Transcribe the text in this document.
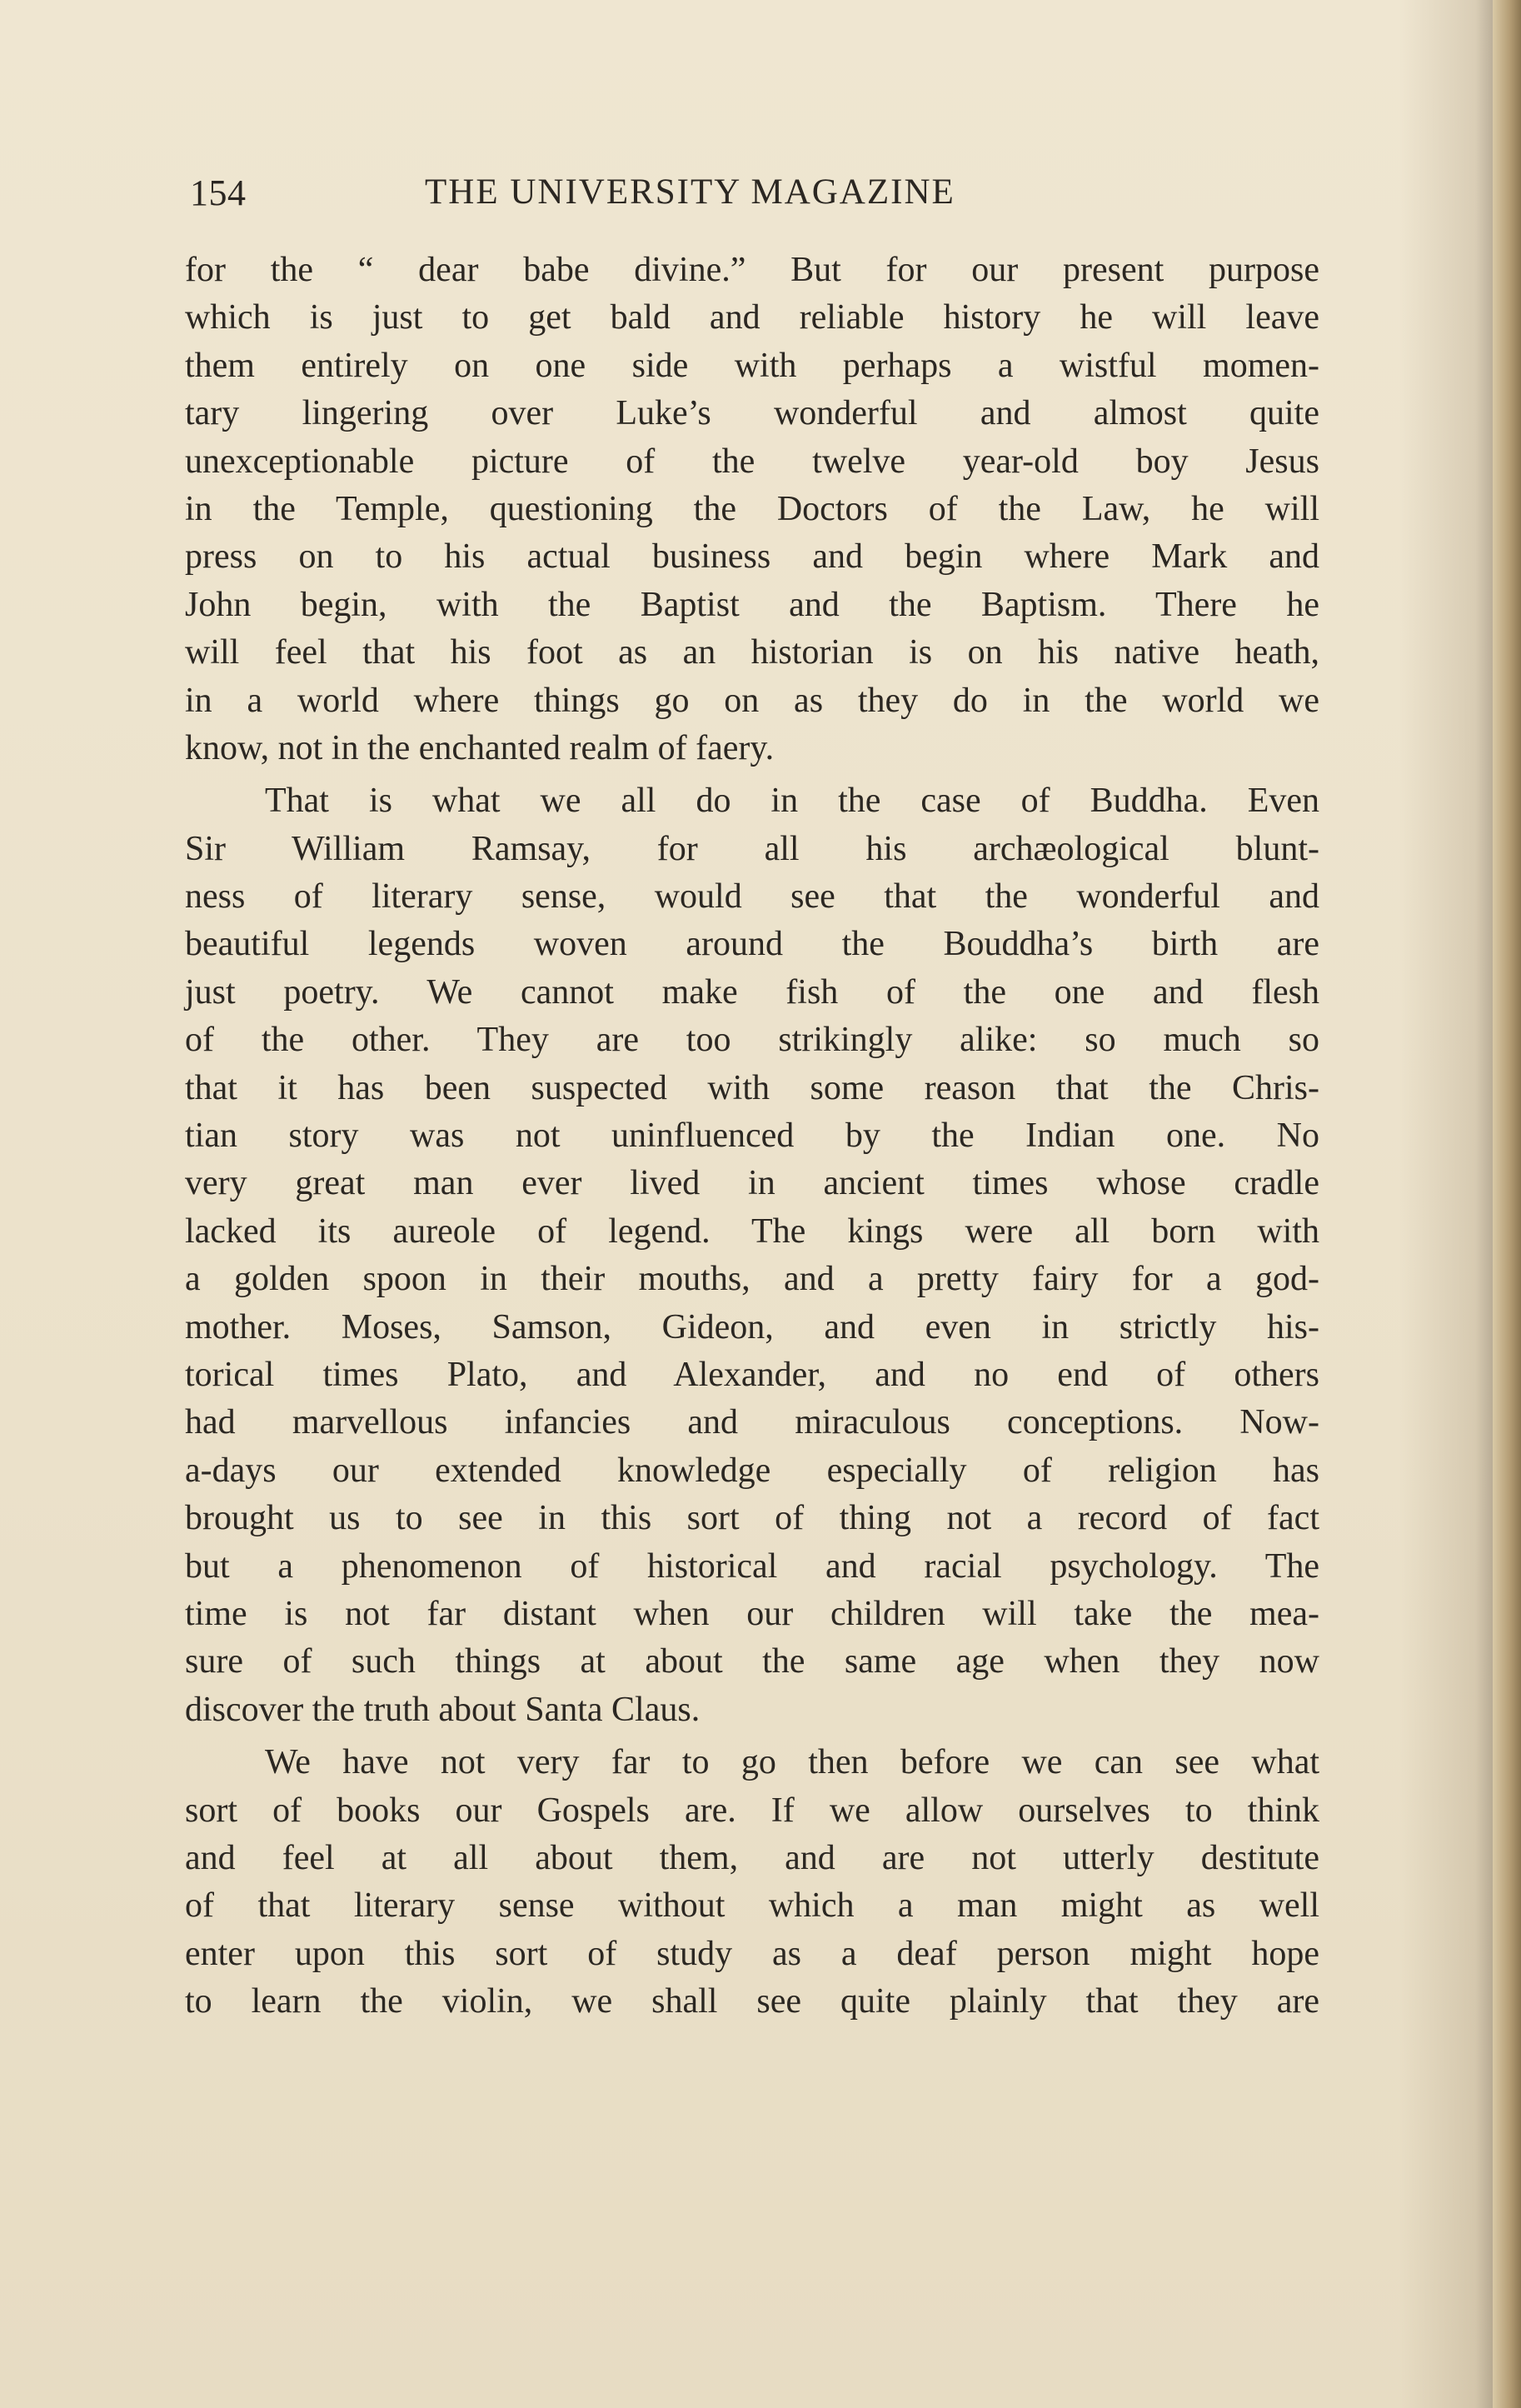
154	THE UNIVERSITY MAGAZINE
for the “ dear babe divine.” But for our present purpose
which is just to get bald and reliable history he will leave
them entirely on one side with perhaps a wistful momen-
tary lingering over Luke’s wonderful and almost quite
unexceptionable picture of the twelve year-old boy Jesus
in the Temple, questioning the Doctors of the Law, he will
press on to his actual business and begin where Mark and
John begin, with the Baptist and the Baptism. There he
will feel that his foot as an historian is on his native heath,
in a world where things go on as they do in the world we
know, not in the enchanted realm of faery.
That is what we all do in the case of Buddha. Even
Sir William Ramsay, for all his archæological blunt-
ness of literary sense, would see that the wonderful and
beautiful legends woven around the Bouddha’s birth are
just poetry. We cannot make fish of the one and flesh
of the other. They are too strikingly alike: so much so
that it has been suspected with some reason that the Chris-
tian story was not uninfluenced by the Indian one. No
very great man ever lived in ancient times whose cradle
lacked its aureole of legend. The kings were all born with
a golden spoon in their mouths, and a pretty fairy for a god-
mother. Moses, Samson, Gideon, and even in strictly his-
torical times Plato, and Alexander, and no end of others
had marvellous infancies and miraculous conceptions. Now-
a-days our extended knowledge especially of religion has
brought us to see in this sort of thing not a record of fact
but a phenomenon of historical and racial psychology. The
time is not far distant when our children will take the mea-
sure of such things at about the same age when they now
discover the truth about Santa Claus.
We have not very far to go then before we can see what
sort of books our Gospels are. If we allow ourselves to think
and feel at all about them, and are not utterly destitute
of that literary sense without which a man might as well
enter upon this sort of study as a deaf person might hope
to learn the violin, we shall see quite plainly that they are
